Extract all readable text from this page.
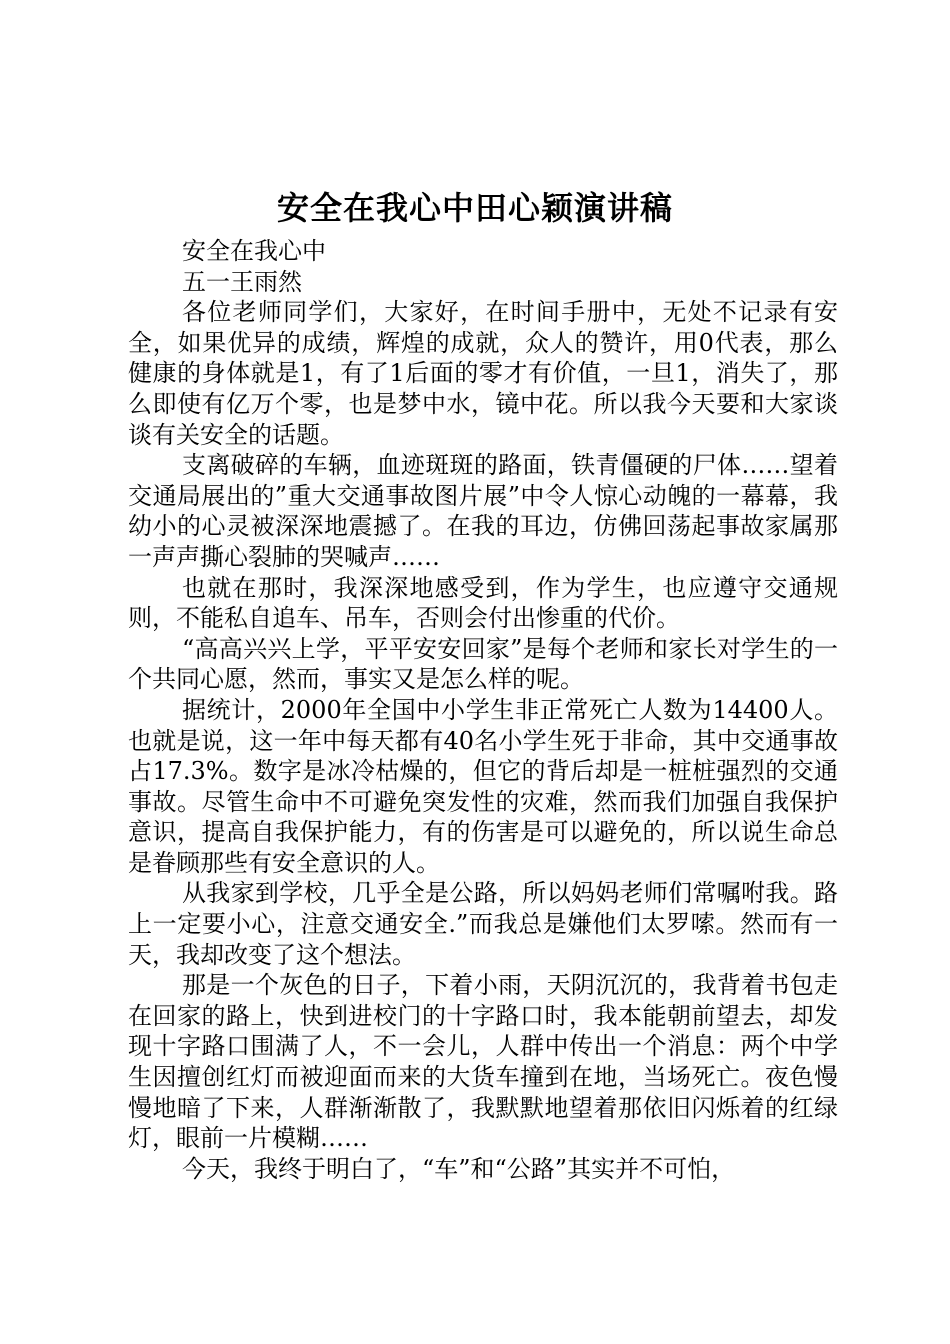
安全在我心中田心颖演讲稿

安全在我心中

五一王雨然

各位老师同学们，大家好，在时间手册中，无处不记录有安全，如果优异的成绩，辉煌的成就，众人的赞许，用0代表，那么健康的身体就是1，有了1后面的零才有价值，一旦1，消失了，那么即使有亿万个零，也是梦中水，镜中花。所以我今天要和大家谈谈有关安全的话题。

支离破碎的车辆，血迹斑斑的路面，铁青僵硬的尸体……望着交通局展出的”重大交通事故图片展”中令人惊心动魄的一幕幕，我幼小的心灵被深深地震撼了。在我的耳边，仿佛回荡起事故家属那一声声撕心裂肺的哭喊声……

也就在那时，我深深地感受到，作为学生，也应遵守交通规则，不能私自追车、吊车，否则会付出惨重的代价。

“高高兴兴上学，平平安安回家”是每个老师和家长对学生的一个共同心愿，然而，事实又是怎么样的呢。

据统计，2000年全国中小学生非正常死亡人数为14400人。也就是说，这一年中每天都有40名小学生死于非命，其中交通事故占17.3%。数字是冰冷枯燥的，但它的背后却是一桩桩强烈的交通事故。尽管生命中不可避免突发性的灾难，然而我们加强自我保护意识，提高自我保护能力，有的伤害是可以避免的，所以说生命总是眷顾那些有安全意识的人。

从我家到学校，几乎全是公路，所以妈妈老师们常嘱咐我。路上一定要小心，注意交通安全.”而我总是嫌他们太罗嗦。然而有一天，我却改变了这个想法。

那是一个灰色的日子，下着小雨，天阴沉沉的，我背着书包走在回家的路上，快到进校门的十字路口时，我本能朝前望去，却发现十字路口围满了人，不一会儿，人群中传出一个消息：两个中学生因擅创红灯而被迎面而来的大货车撞到在地，当场死亡。夜色慢慢地暗了下来，人群渐渐散了，我默默地望着那依旧闪烁着的红绿灯，眼前一片模糊……

今天，我终于明白了，“车”和“公路”其实并不可怕，
